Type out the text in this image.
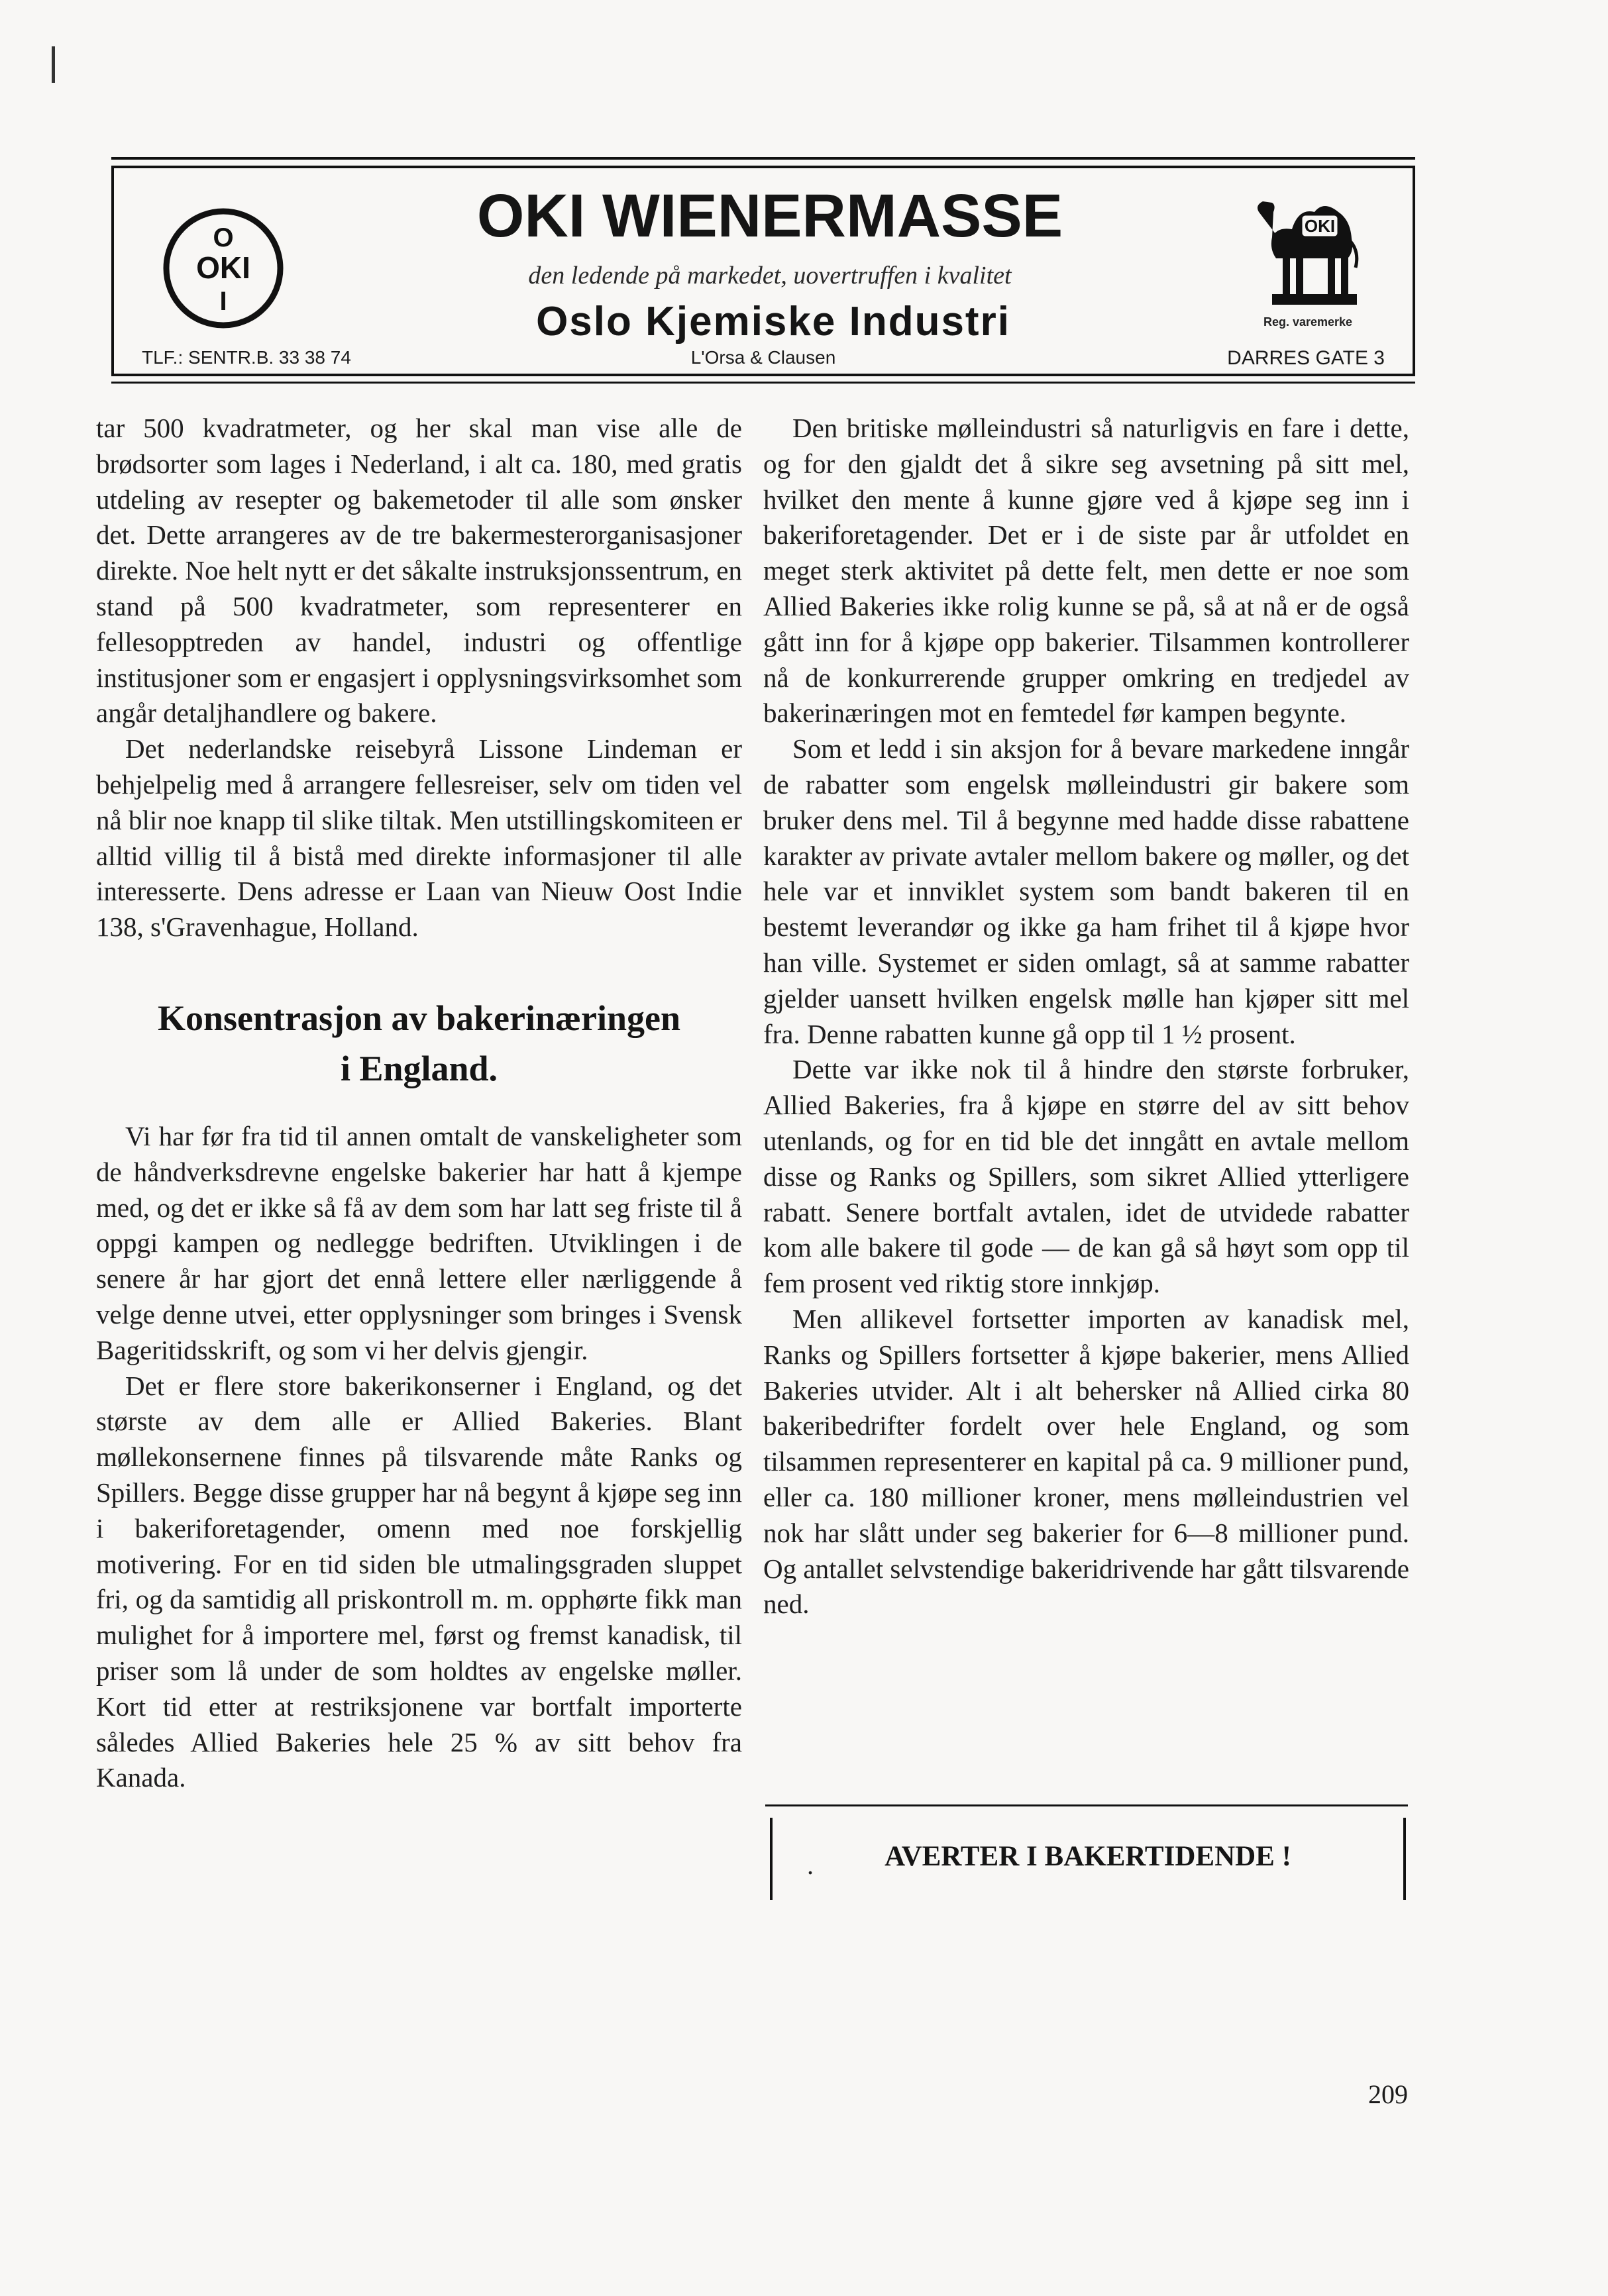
O
OKI
I
OKI WIENERMASSE
den ledende på markedet, uovertruffen i kvalitet
Oslo Kjemiske Industri
TLF.: SENTR.B. 33 38 74	L'Orsa & Clausen	DARRES GATE 3
OKI
Reg. varemerke

tar 500 kvadratmeter, og her skal man vise alle de brødsorter som lages i Nederland, i alt ca. 180, med gratis utdeling av resepter og bakemetoder til alle som ønsker det. Dette arrangeres av de tre bakermesterorganisasjoner direkte. Noe helt nytt er det såkalte instruksjonssentrum, en stand på 500 kvadratmeter, som representerer en fellesopptreden av handel, industri og offentlige institusjoner som er engasjert i opplysningsvirksomhet som angår detaljhandlere og bakere.

Det nederlandske reisebyrå Lissone Lindeman er behjelpelig med å arrangere fellesreiser, selv om tiden vel nå blir noe knapp til slike tiltak. Men utstillingskomiteen er alltid villig til å bistå med direkte informasjoner til alle interesserte. Dens adresse er Laan van Nieuw Oost Indie 138, s'Gravenhague, Holland.

Konsentrasjon av bakerinæringen
i England.

Vi har før fra tid til annen omtalt de vanskeligheter som de håndverksdrevne engelske bakerier har hatt å kjempe med, og det er ikke så få av dem som har latt seg friste til å oppgi kampen og nedlegge bedriften. Utviklingen i de senere år har gjort det ennå lettere eller nærliggende å velge denne utvei, etter opplysninger som bringes i Svensk Bageritidsskrift, og som vi her delvis gjengir.

Det er flere store bakerikonserner i England, og det største av dem alle er Allied Bakeries. Blant møllekonsernene finnes på tilsvarende måte Ranks og Spillers. Begge disse grupper har nå begynt å kjøpe seg inn i bakeriforetagender, omenn med noe forskjellig motivering. For en tid siden ble utmalingsgraden sluppet fri, og da samtidig all priskontroll m. m. opphørte fikk man mulighet for å importere mel, først og fremst kanadisk, til priser som lå under de som holdtes av engelske møller. Kort tid etter at restriksjonene var bortfalt importerte således Allied Bakeries hele 25 % av sitt behov fra Kanada.

Den britiske mølleindustri så naturligvis en fare i dette, og for den gjaldt det å sikre seg avsetning på sitt mel, hvilket den mente å kunne gjøre ved å kjøpe seg inn i bakeriforetagender. Det er i de siste par år utfoldet en meget sterk aktivitet på dette felt, men dette er noe som Allied Bakeries ikke rolig kunne se på, så at nå er de også gått inn for å kjøpe opp bakerier. Tilsammen kontrollerer nå de konkurrerende grupper omkring en tredjedel av bakerinæringen mot en femtedel før kampen begynte.

Som et ledd i sin aksjon for å bevare markedene inngår de rabatter som engelsk mølleindustri gir bakere som bruker dens mel. Til å begynne med hadde disse rabattene karakter av private avtaler mellom bakere og møller, og det hele var et innviklet system som bandt bakeren til en bestemt leverandør og ikke ga ham frihet til å kjøpe hvor han ville. Systemet er siden omlagt, så at samme rabatter gjelder uansett hvilken engelsk mølle han kjøper sitt mel fra. Denne rabatten kunne gå opp til 1 ½ prosent.

Dette var ikke nok til å hindre den største forbruker, Allied Bakeries, fra å kjøpe en større del av sitt behov utenlands, og for en tid ble det inngått en avtale mellom disse og Ranks og Spillers, som sikret Allied ytterligere rabatt. Senere bortfalt avtalen, idet de utvidede rabatter kom alle bakere til gode — de kan gå så høyt som opp til fem prosent ved riktig store innkjøp.

Men allikevel fortsetter importen av kanadisk mel, Ranks og Spillers fortsetter å kjøpe bakerier, mens Allied Bakeries utvider. Alt i alt behersker nå Allied cirka 80 bakeribedrifter fordelt over hele England, og som tilsammen representerer en kapital på ca. 9 millioner pund, eller ca. 180 millioner kroner, mens mølleindustrien vel nok har slått under seg bakerier for 6—8 millioner pund. Og antallet selvstendige bakeridrivende har gått tilsvarende ned.

.	AVERTER I BAKERTIDENDE !
209
